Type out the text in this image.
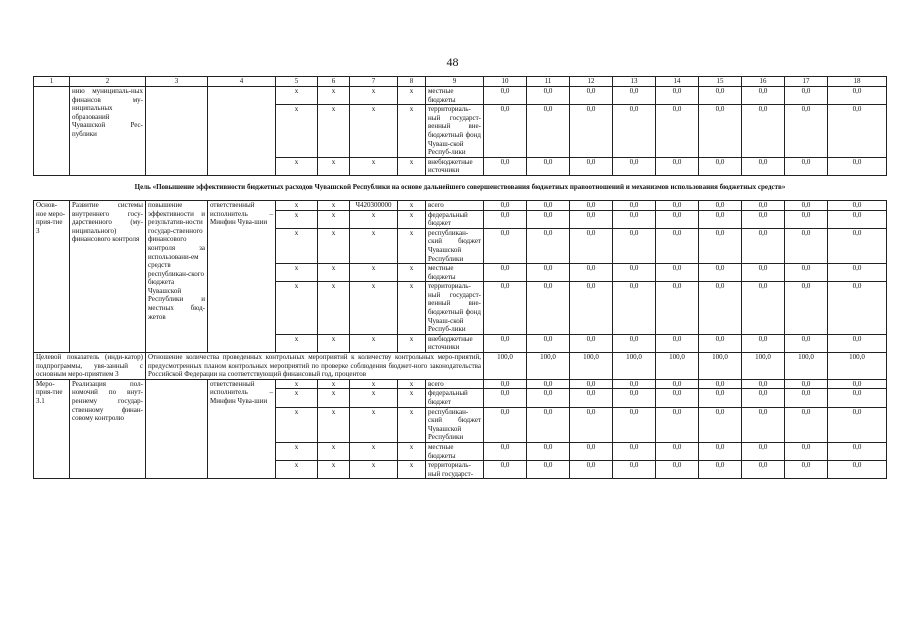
48
1	2	3	4	5	6	7	8	9	10	11	12	13	14	15	16	17	18
	нию муниципаль-ных финансов му-ниципальных образований Чувашской Рес-публики			x	x	x	x	местные бюджеты	0,0	0,0	0,0	0,0	0,0	0,0	0,0	0,0	0,0
				x	x	x	x	территориаль-ный государст-венный вне-бюджетный фонд Чуваш-ской Респуб-лики	0,0	0,0	0,0	0,0	0,0	0,0	0,0	0,0	0,0
				x	x	x	x	внебюджетные источники	0,0	0,0	0,0	0,0	0,0	0,0	0,0	0,0	0,0
Цель «Повышение эффективности бюджетных расходов Чувашской Республики на основе дальнейшего совершенствования бюджетных правоотношений и механизмов использования бюджетных средств»																	
Основ-ное меро-прия-тие 3	Развитие системы внутреннего госу-дарственного (му-ниципального) финансового контроля	повышение эффективности и результатив-ности государ-ственного финансового контроля за использовани-ем средств республикан-ского бюджета Чувашской Республики и местных бюд-жетов	ответственный исполнитель – Минфин Чува-шии	x	x	Ч420300000	x	всего	0,0	0,0	0,0	0,0	0,0	0,0	0,0	0,0	0,0
				x	x	x	x	федеральный бюджет	0,0	0,0	0,0	0,0	0,0	0,0	0,0	0,0	0,0
				x	x	x	x	республикан-ский бюджет Чувашской Республики	0,0	0,0	0,0	0,0	0,0	0,0	0,0	0,0	0,0
				x	x	x	x	местные бюджеты	0,0	0,0	0,0	0,0	0,0	0,0	0,0	0,0	0,0
				x	x	x	x	территориаль-ный государст-венный вне-бюджетный фонд Чуваш-ской Респуб-лики	0,0	0,0	0,0	0,0	0,0	0,0	0,0	0,0	0,0
				x	x	x	x	внебюджетные источники	0,0	0,0	0,0	0,0	0,0	0,0	0,0	0,0	0,0
Целевой показатель (инди-катор) подпрограммы, увя-занный с основным меро-приятием 3		Отношение количества проведенных контрольных мероприятий к количеству контрольных меро-приятий, предусмотренных планом контрольных мероприятий по проверке соблюдения бюджет-ного законодательства Российской Федерации на соответствующий финансовый год, процентов							100,0	100,0	100,0	100,0	100,0	100,0	100,0	100,0	100,0
Меро-прия-тие 3.1	Реализация пол-номочий по внут-реннему государ-ственному финан-совому контролю		ответственный исполнитель – Минфин Чува-шии	x	x	x	x	всего	0,0	0,0	0,0	0,0	0,0	0,0	0,0	0,0	0,0
				x	x	x	x	федеральный бюджет	0,0	0,0	0,0	0,0	0,0	0,0	0,0	0,0	0,0
				x	x	x	x	республикан-ский бюджет Чувашской Республики	0,0	0,0	0,0	0,0	0,0	0,0	0,0	0,0	0,0
				x	x	x	x	местные бюджеты	0,0	0,0	0,0	0,0	0,0	0,0	0,0	0,0	0,0
				x	x	x	x	территориаль-ный государст-	0,0	0,0	0,0	0,0	0,0	0,0	0,0	0,0	0,0
